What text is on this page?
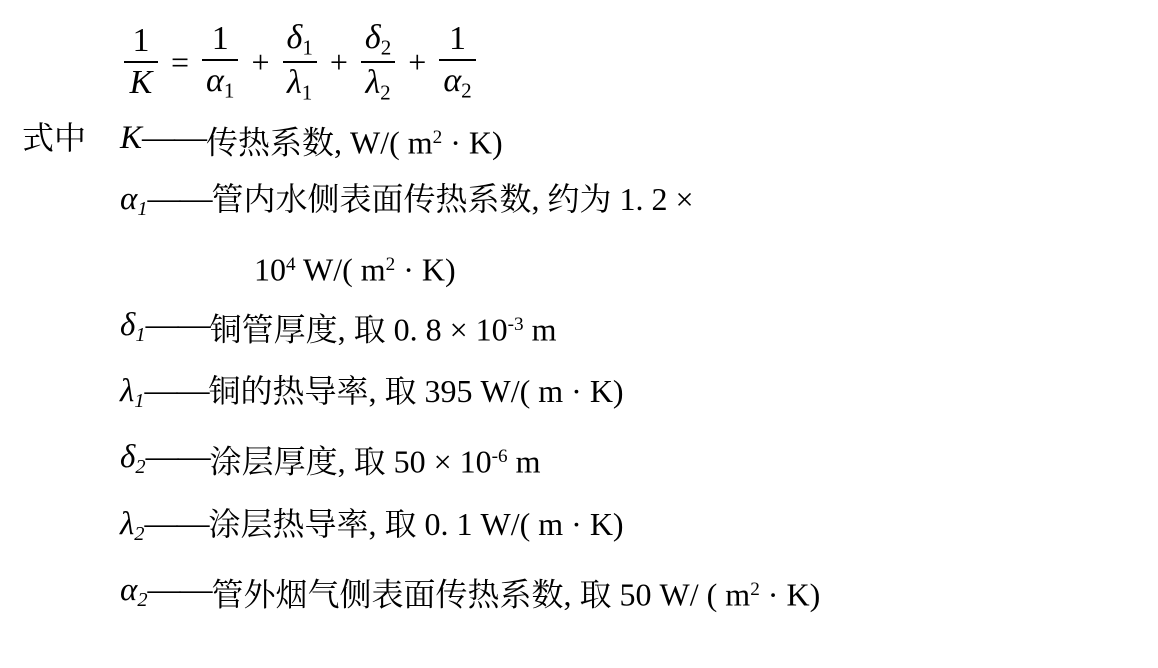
$\frac{1}{K} = \frac{1}{\alpha_1} + \frac{\delta_1}{\lambda_1} + \frac{\delta_2}{\lambda_2} + \frac{1}{\alpha_2}$
式中	K —— 传热系数, W/( $m^2 \cdot K$)
$\alpha_1$ —— 管内水侧表面传热系数, 约为 1. 2 ×
$10^4$ W/( $m^2 \cdot K$)
$\delta_1$ —— 铜管厚度, 取 0. $8 \times 10^{-3}$ m
$\lambda_1$ —— 铜的热导率, 取 395 W/( m · K)
$\delta_2$ —— 涂层厚度, 取 $50 \times 10^{-6}$ m
$\lambda_2$ —— 涂层热导率, 取 0. 1 W/( m · K)
$\alpha_2$ —— 管外烟气侧表面传热系数, 取 50 W/ ( $m^2 \cdot K$)
